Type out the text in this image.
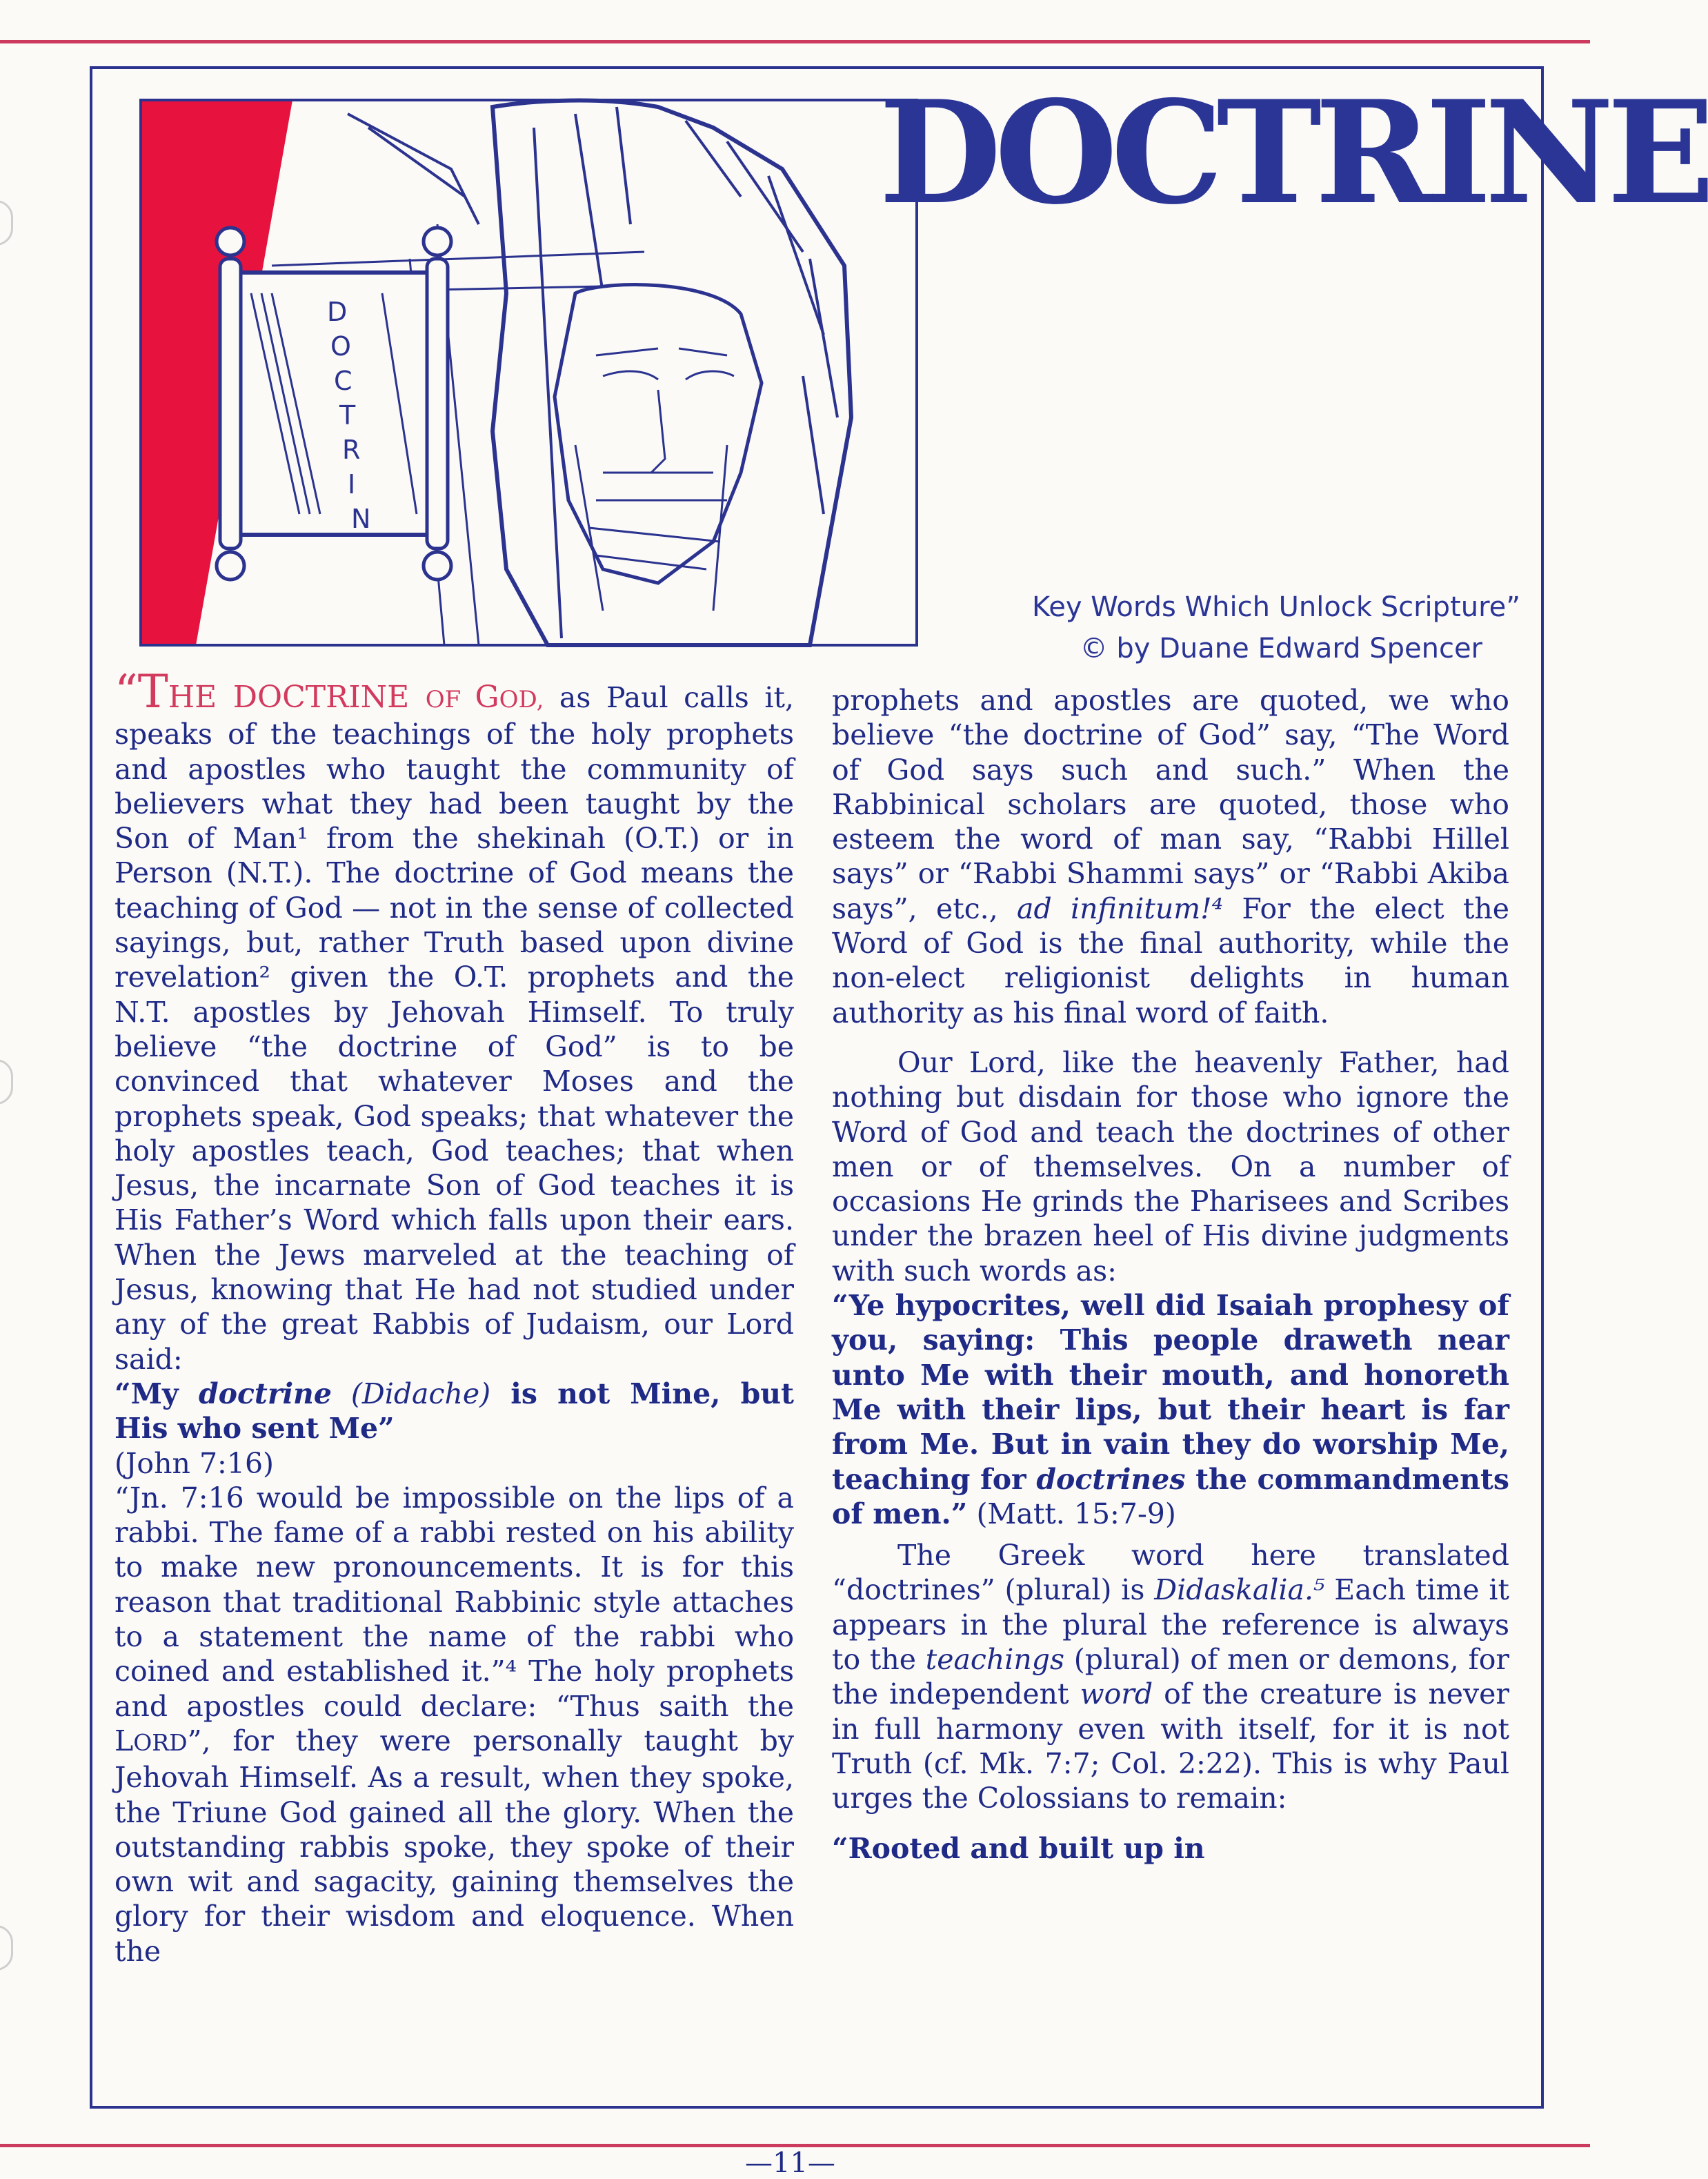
D
O
C
T
R
I
N
DOCTRINE
Key Words Which Unlock Scripture”
© by Duane Edward Spencer

“THE DOCTRINE OF GOD, as Paul calls it, speaks of the teachings of the holy prophets and apostles who taught the community of believers what they had been taught by the Son of Man¹ from the shekinah (O.T.) or in Person (N.T.). The doctrine of God means the teaching of God — not in the sense of collected sayings, but, rather Truth based upon divine revelation² given the O.T. prophets and the N.T. apostles by Jehovah Himself. To truly believe “the doctrine of God” is to be convinced that whatever Moses and the prophets speak, God speaks; that whatever the holy apostles teach, God teaches; that when Jesus, the incarnate Son of God teaches it is His Father’s Word which falls upon their ears. When the Jews marveled at the teaching of Jesus, knowing that He had not studied under any of the great Rabbis of Judaism, our Lord said:

“My doctrine (Didache) is not Mine, but His who sent Me”
(John 7:16)

“Jn. 7:16 would be impossible on the lips of a rabbi. The fame of a rabbi rested on his ability to make new pronouncements. It is for this reason that traditional Rabbinic style attaches to a statement the name of the rabbi who coined and established it.”⁴ The holy prophets and apostles could declare: “Thus saith the LORD”, for they were personally taught by Jehovah Himself. As a result, when they spoke, the Triune God gained all the glory. When the outstanding rabbis spoke, they spoke of their own wit and sagacity, gaining themselves the glory for their wisdom and eloquence. When the

prophets and apostles are quoted, we who believe “the doctrine of God” say, “The Word of God says such and such.” When the Rabbinical scholars are quoted, those who esteem the word of man say, “Rabbi Hillel says” or “Rabbi Shammi says” or “Rabbi Akiba says”, etc., ad infinitum!⁴ For the elect the Word of God is the final authority, while the non-elect religionist delights in human authority as his final word of faith.

Our Lord, like the heavenly Father, had nothing but disdain for those who ignore the Word of God and teach the doctrines of other men or of themselves. On a number of occasions He grinds the Pharisees and Scribes under the brazen heel of His divine judgments with such words as:

“Ye hypocrites, well did Isaiah prophesy of you, saying: This people draweth near unto Me with their mouth, and honoreth Me with their lips, but their heart is far from Me. But in vain they do worship Me, teaching for doctrines the commandments of men.” (Matt. 15:7-9)

The Greek word here translated “doctrines” (plural) is Didaskalia.⁵ Each time it appears in the plural the reference is always to the teachings (plural) of men or demons, for the independent word of the creature is never in full harmony even with itself, for it is not Truth (cf. Mk. 7:7; Col. 2:22). This is why Paul urges the Colossians to remain:

“Rooted and built up in

—11—
